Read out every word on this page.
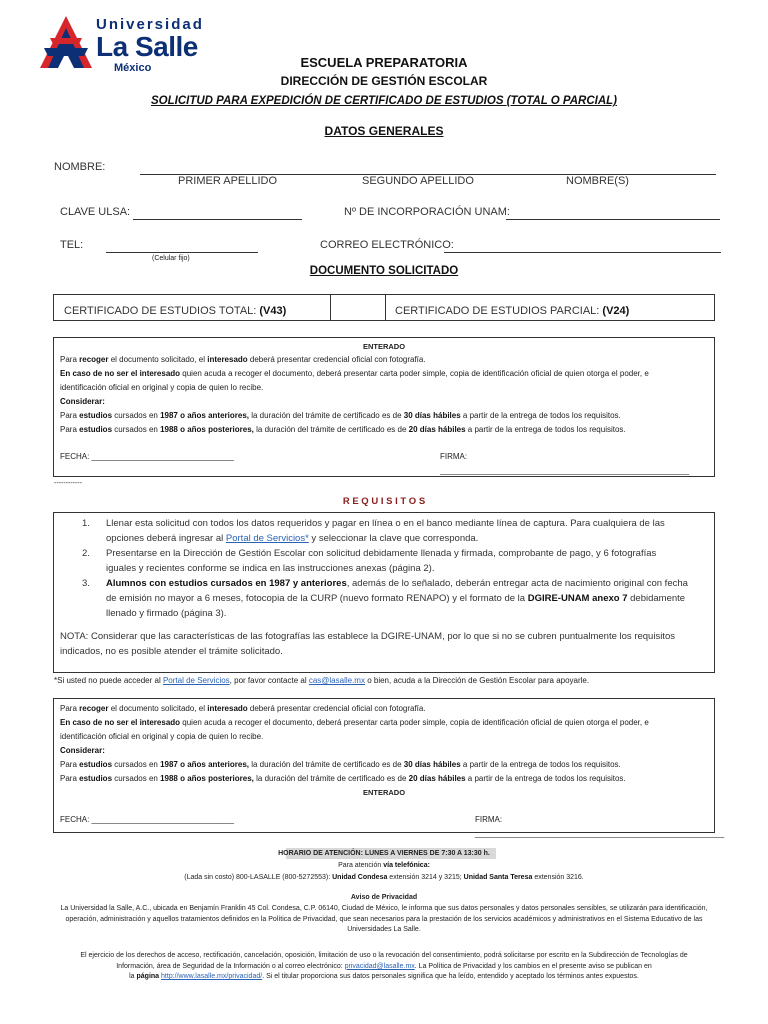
Universidad
La Salle
México	ESCUELA PREPARATORIA
DIRECCIÓN DE GESTIÓN ESCOLAR
SOLICITUD PARA EXPEDICIÓN DE CERTIFICADO DE ESTUDIOS (TOTAL O PARCIAL)
DATOS GENERALES
NOMBRE:
PRIMER APELLIDO	SEGUNDO APELLIDO	NOMBRE(S)
CLAVE ULSA:	Nº DE INCORPORACIÓN UNAM:
TEL:
(Celular fijo)
CORREO ELECTRÓNICO:
DOCUMENTO SOLICITADO
CERTIFICADO DE ESTUDIOS TOTAL: (V43)	CERTIFICADO DE ESTUDIOS PARCIAL: (V24)
ENTERADO
Para recoger el documento solicitado, el interesado deberá presentar credencial oficial con fotografía.
En caso de no ser el interesado quien acuda a recoger el documento, deberá presentar carta poder simple, copia de identificación oficial de quien otorga el poder, e
identificación oficial en original y copia de quien lo recibe.
Considerar:
Para estudios cursados en 1987 o años anteriores, la duración del trámite de certificado es de 30 días hábiles a partir de la entrega de todos los requisitos.
Para estudios cursados en 1988 o años posteriores, la duración del trámite de certificado es de 20 días hábiles a partir de la entrega de todos los requisitos.
FECHA: ________________________________	FIRMA: ________________________________________________________
------------
R E Q U I S I T O S
1. Llenar esta solicitud con todos los datos requeridos y pagar en línea o en el banco mediante línea de captura. Para cualquiera de las
opciones deberá ingresar al Portal de Servicios* y seleccionar la clave que corresponda.
2. Presentarse en la Dirección de Gestión Escolar con solicitud debidamente llenada y firmada, comprobante de pago, y 6 fotografías
iguales y recientes conforme se indica en las instrucciones anexas (página 2).
3. Alumnos con estudios cursados en 1987 y anteriores, además de lo señalado, deberán entregar acta de nacimiento original con fecha
de emisión no mayor a 6 meses, fotocopia de la CURP (nuevo formato RENAPO) y el formato de la DGIRE-UNAM anexo 7 debidamente
llenado y firmado (página 3).
NOTA: Considerar que las características de las fotografías las establece la DGIRE-UNAM, por lo que si no se cubren puntualmente los requisitos
indicados, no es posible atender el trámite solicitado.
*Si usted no puede acceder al Portal de Servicios, por favor contacte al cas@lasalle.mx o bien, acuda a la Dirección de Gestión Escolar para apoyarle.
Para recoger el documento solicitado, el interesado deberá presentar credencial oficial con fotografía.
En caso de no ser el interesado quien acuda a recoger el documento, deberá presentar carta poder simple, copia de identificación oficial de quien otorga el poder, e
identificación oficial en original y copia de quien lo recibe.
Considerar:
Para estudios cursados en 1987 o años anteriores, la duración del trámite de certificado es de 30 días hábiles a partir de la entrega de todos los requisitos.
Para estudios cursados en 1988 o años posteriores, la duración del trámite de certificado es de 20 días hábiles a partir de la entrega de todos los requisitos.
ENTERADO
FECHA: ________________________________	FIRMA: ________________________________________________________
HORARIO DE ATENCIÓN: LUNES A VIERNES DE 7:30 A 13:30 h.
Para atención vía telefónica:
(Lada sin costo) 800-LASALLE (800-5272553): Unidad Condesa extensión 3214 y 3215; Unidad Santa Teresa extensión 3216.
Aviso de Privacidad
La Universidad la Salle, A.C., ubicada en Benjamín Franklin 45 Col. Condesa, C.P. 06140, Ciudad de México, le informa que sus datos personales y datos personales sensibles, se utilizarán para identificación,
operación, administración y aquellos tratamientos definidos en la Política de Privacidad, que sean necesarios para la prestación de los servicios académicos y administrativos en el Sistema Educativo de las
Universidades La Salle.
El ejercicio de los derechos de acceso, rectificación, cancelación, oposición, limitación de uso o la revocación del consentimiento, podrá solicitarse por escrito en la Subdirección de Tecnologías de
Información, área de Seguridad de la Información o al correo electrónico: privacidad@lasalle.mx. La Política de Privacidad y los cambios en el presente aviso se publican en
la página http://www.lasalle.mx/privacidad/. Si el titular proporciona sus datos personales significa que ha leído, entendido y aceptado los términos antes expuestos.
